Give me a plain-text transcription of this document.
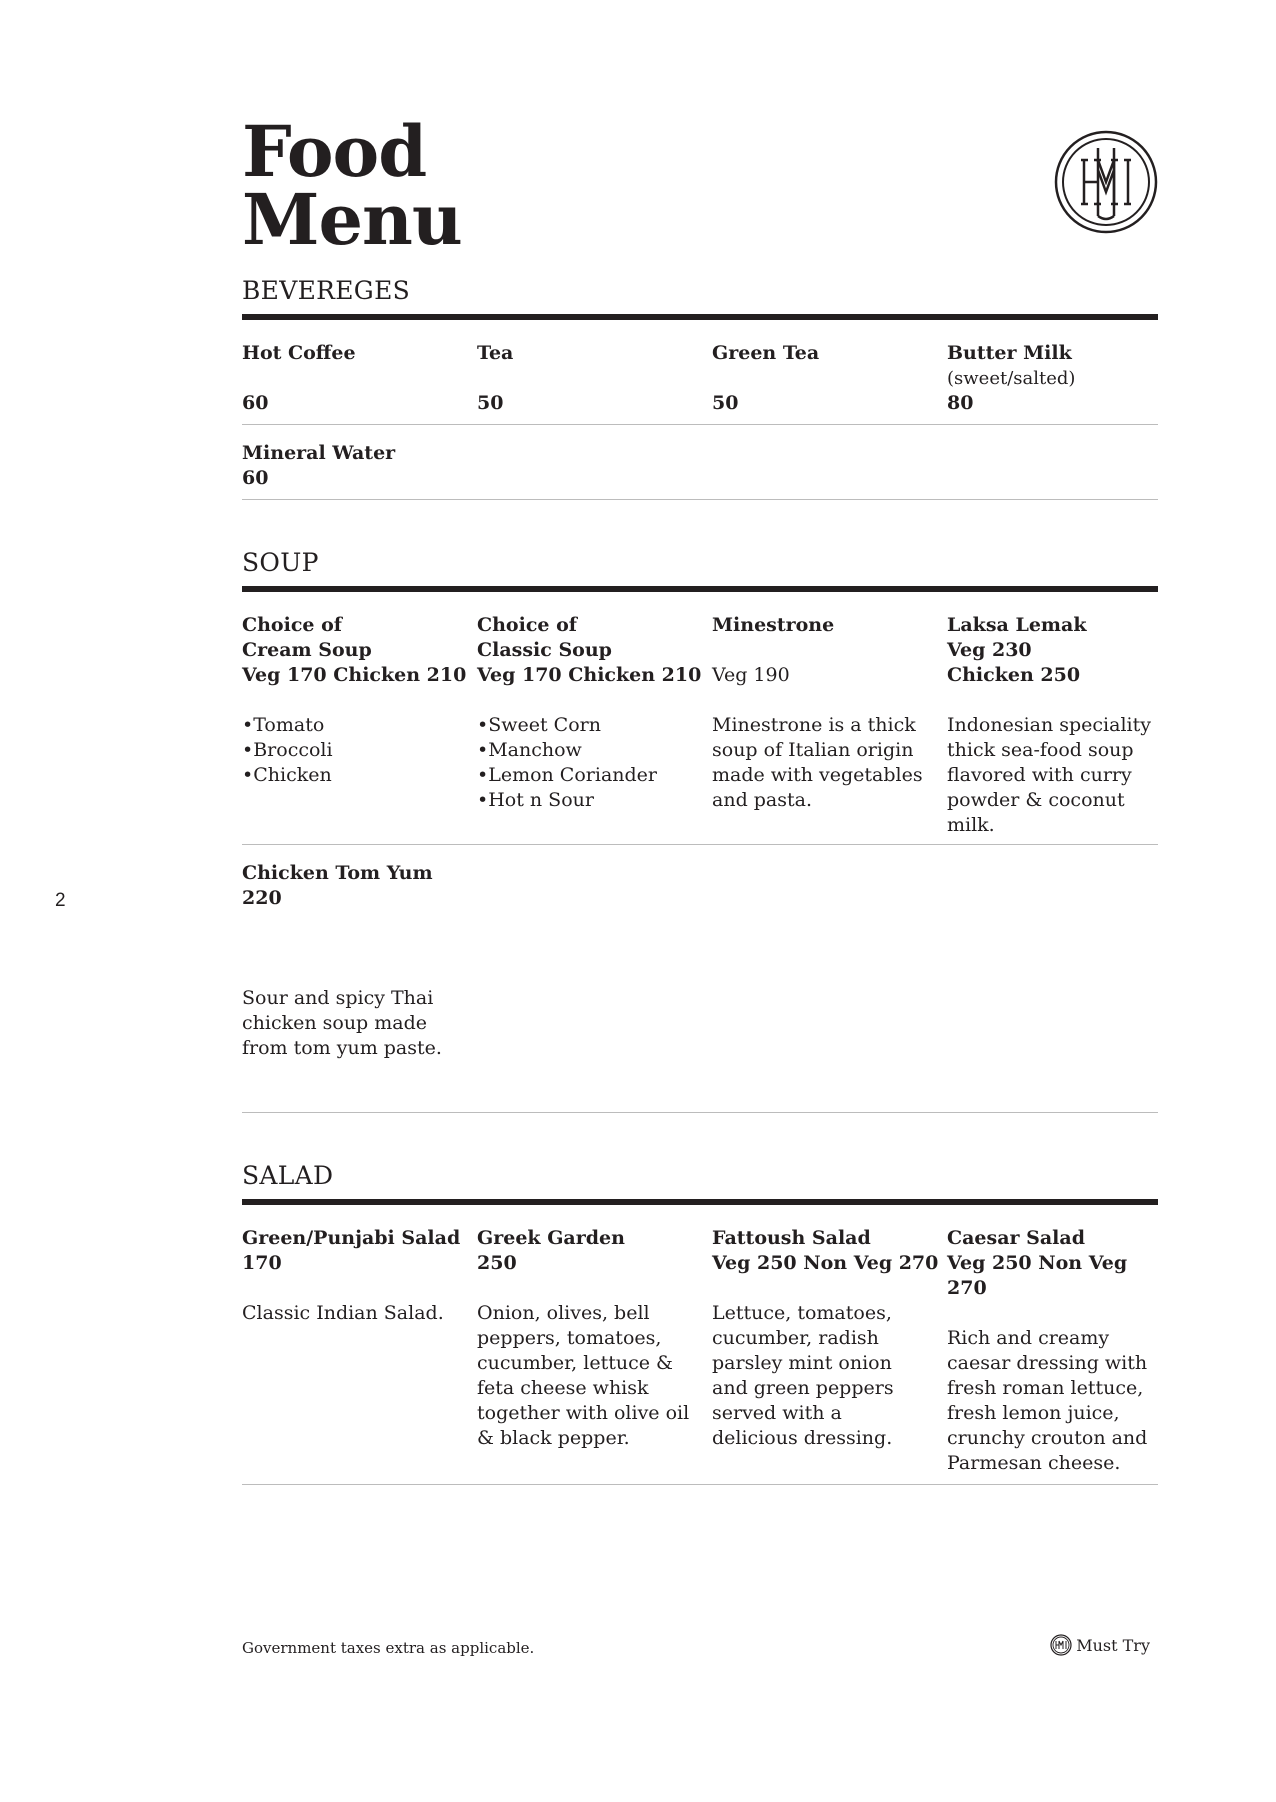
2
Food
Menu
BEVEREGES
Hot Coffee

60
Tea

50
Green Tea

50
Butter Milk
(sweet/salted)
80
Mineral Water
60
SOUP
Choice of
Cream Soup
Veg 170 Chicken 210
• Tomato
• Broccoli
• Chicken
Choice of
Classic Soup
Veg 170 Chicken 210
• Sweet Corn
• Manchow
• Lemon Coriander
• Hot n Sour
Minestrone

Veg 190
Minestrone is a thick
soup of Italian origin
made with vegetables
and pasta.
Laksa Lemak
Veg 230
Chicken 250
Indonesian speciality
thick sea-food soup
flavored with curry
powder & coconut
milk.
Chicken Tom Yum
220
Sour and spicy Thai
chicken soup made
from tom yum paste.
SALAD
Green/Punjabi Salad
170
Classic Indian Salad.
Greek Garden
250
Onion, olives, bell
peppers, tomatoes,
cucumber, lettuce &
feta cheese whisk
together with olive oil
& black pepper.
Fattoush Salad
Veg 250 Non Veg 270
Lettuce, tomatoes,
cucumber, radish
parsley mint onion
and green peppers
served with a
delicious dressing.
Caesar Salad
Veg 250 Non Veg 270
Rich and creamy
caesar dressing with
fresh roman lettuce,
fresh lemon juice,
crunchy crouton and
Parmesan cheese.
Government taxes extra as applicable.	Must Try
